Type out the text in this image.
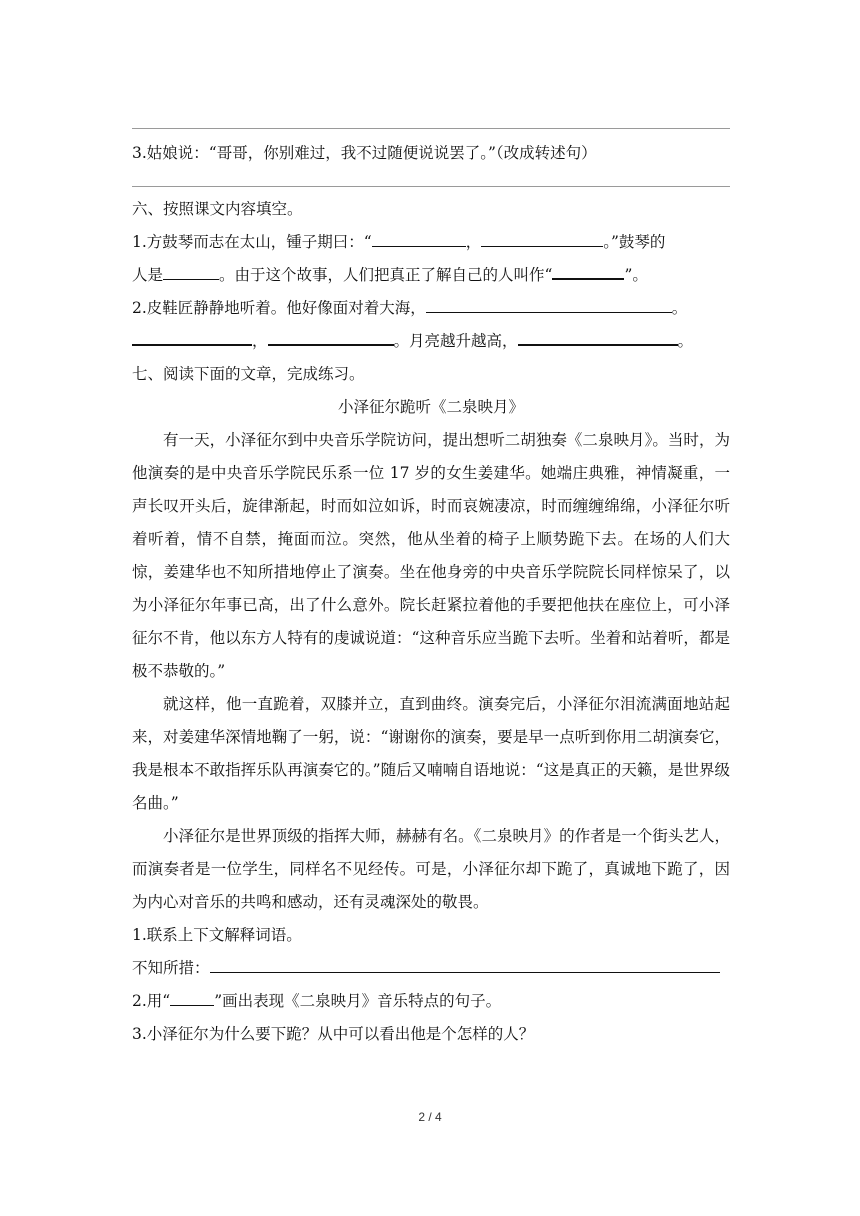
3.姑娘说：“哥哥，你别难过，我不过随便说说罢了。”（改成转述句）
六、按照课文内容填空。
1.方鼓琴而志在太山，锺子期曰：“	，	。”鼓琴的
人是	。由于这个故事，人们把真正了解自己的人叫作“	”。
2.皮鞋匠静静地听着。他好像面对着大海，	。
，	。月亮越升越高，	。
七、阅读下面的文章，完成练习。
小泽征尔跪听《二泉映月》
有一天，小泽征尔到中央音乐学院访问，提出想听二胡独奏《二泉映月》。当时，为他演奏的是中央音乐学院民乐系一位 17 岁的女生姜建华。她端庄典雅，神情凝重，一声长叹开头后，旋律渐起，时而如泣如诉，时而哀婉凄凉，时而缠缠绵绵，小泽征尔听着听着，情不自禁，掩面而泣。突然，他从坐着的椅子上顺势跪下去。在场的人们大惊，姜建华也不知所措地停止了演奏。坐在他身旁的中央音乐学院院长同样惊呆了，以为小泽征尔年事已高，出了什么意外。院长赶紧拉着他的手要把他扶在座位上，可小泽征尔不肯，他以东方人特有的虔诚说道：“这种音乐应当跪下去听。坐着和站着听，都是极不恭敬的。”
就这样，他一直跪着，双膝并立，直到曲终。演奏完后，小泽征尔泪流满面地站起来，对姜建华深情地鞠了一躬，说：“谢谢你的演奏，要是早一点听到你用二胡演奏它，我是根本不敢指挥乐队再演奏它的。”随后又喃喃自语地说：“这是真正的天籁，是世界级名曲。”
小泽征尔是世界顶级的指挥大师，赫赫有名。《二泉映月》的作者是一个街头艺人，而演奏者是一位学生，同样名不见经传。可是，小泽征尔却下跪了，真诚地下跪了，因为内心对音乐的共鸣和感动，还有灵魂深处的敬畏。
1.联系上下文解释词语。
不知所措：
2.用“	”画出表现《二泉映月》音乐特点的句子。
3.小泽征尔为什么要下跪？从中可以看出他是个怎样的人？
2 / 4
